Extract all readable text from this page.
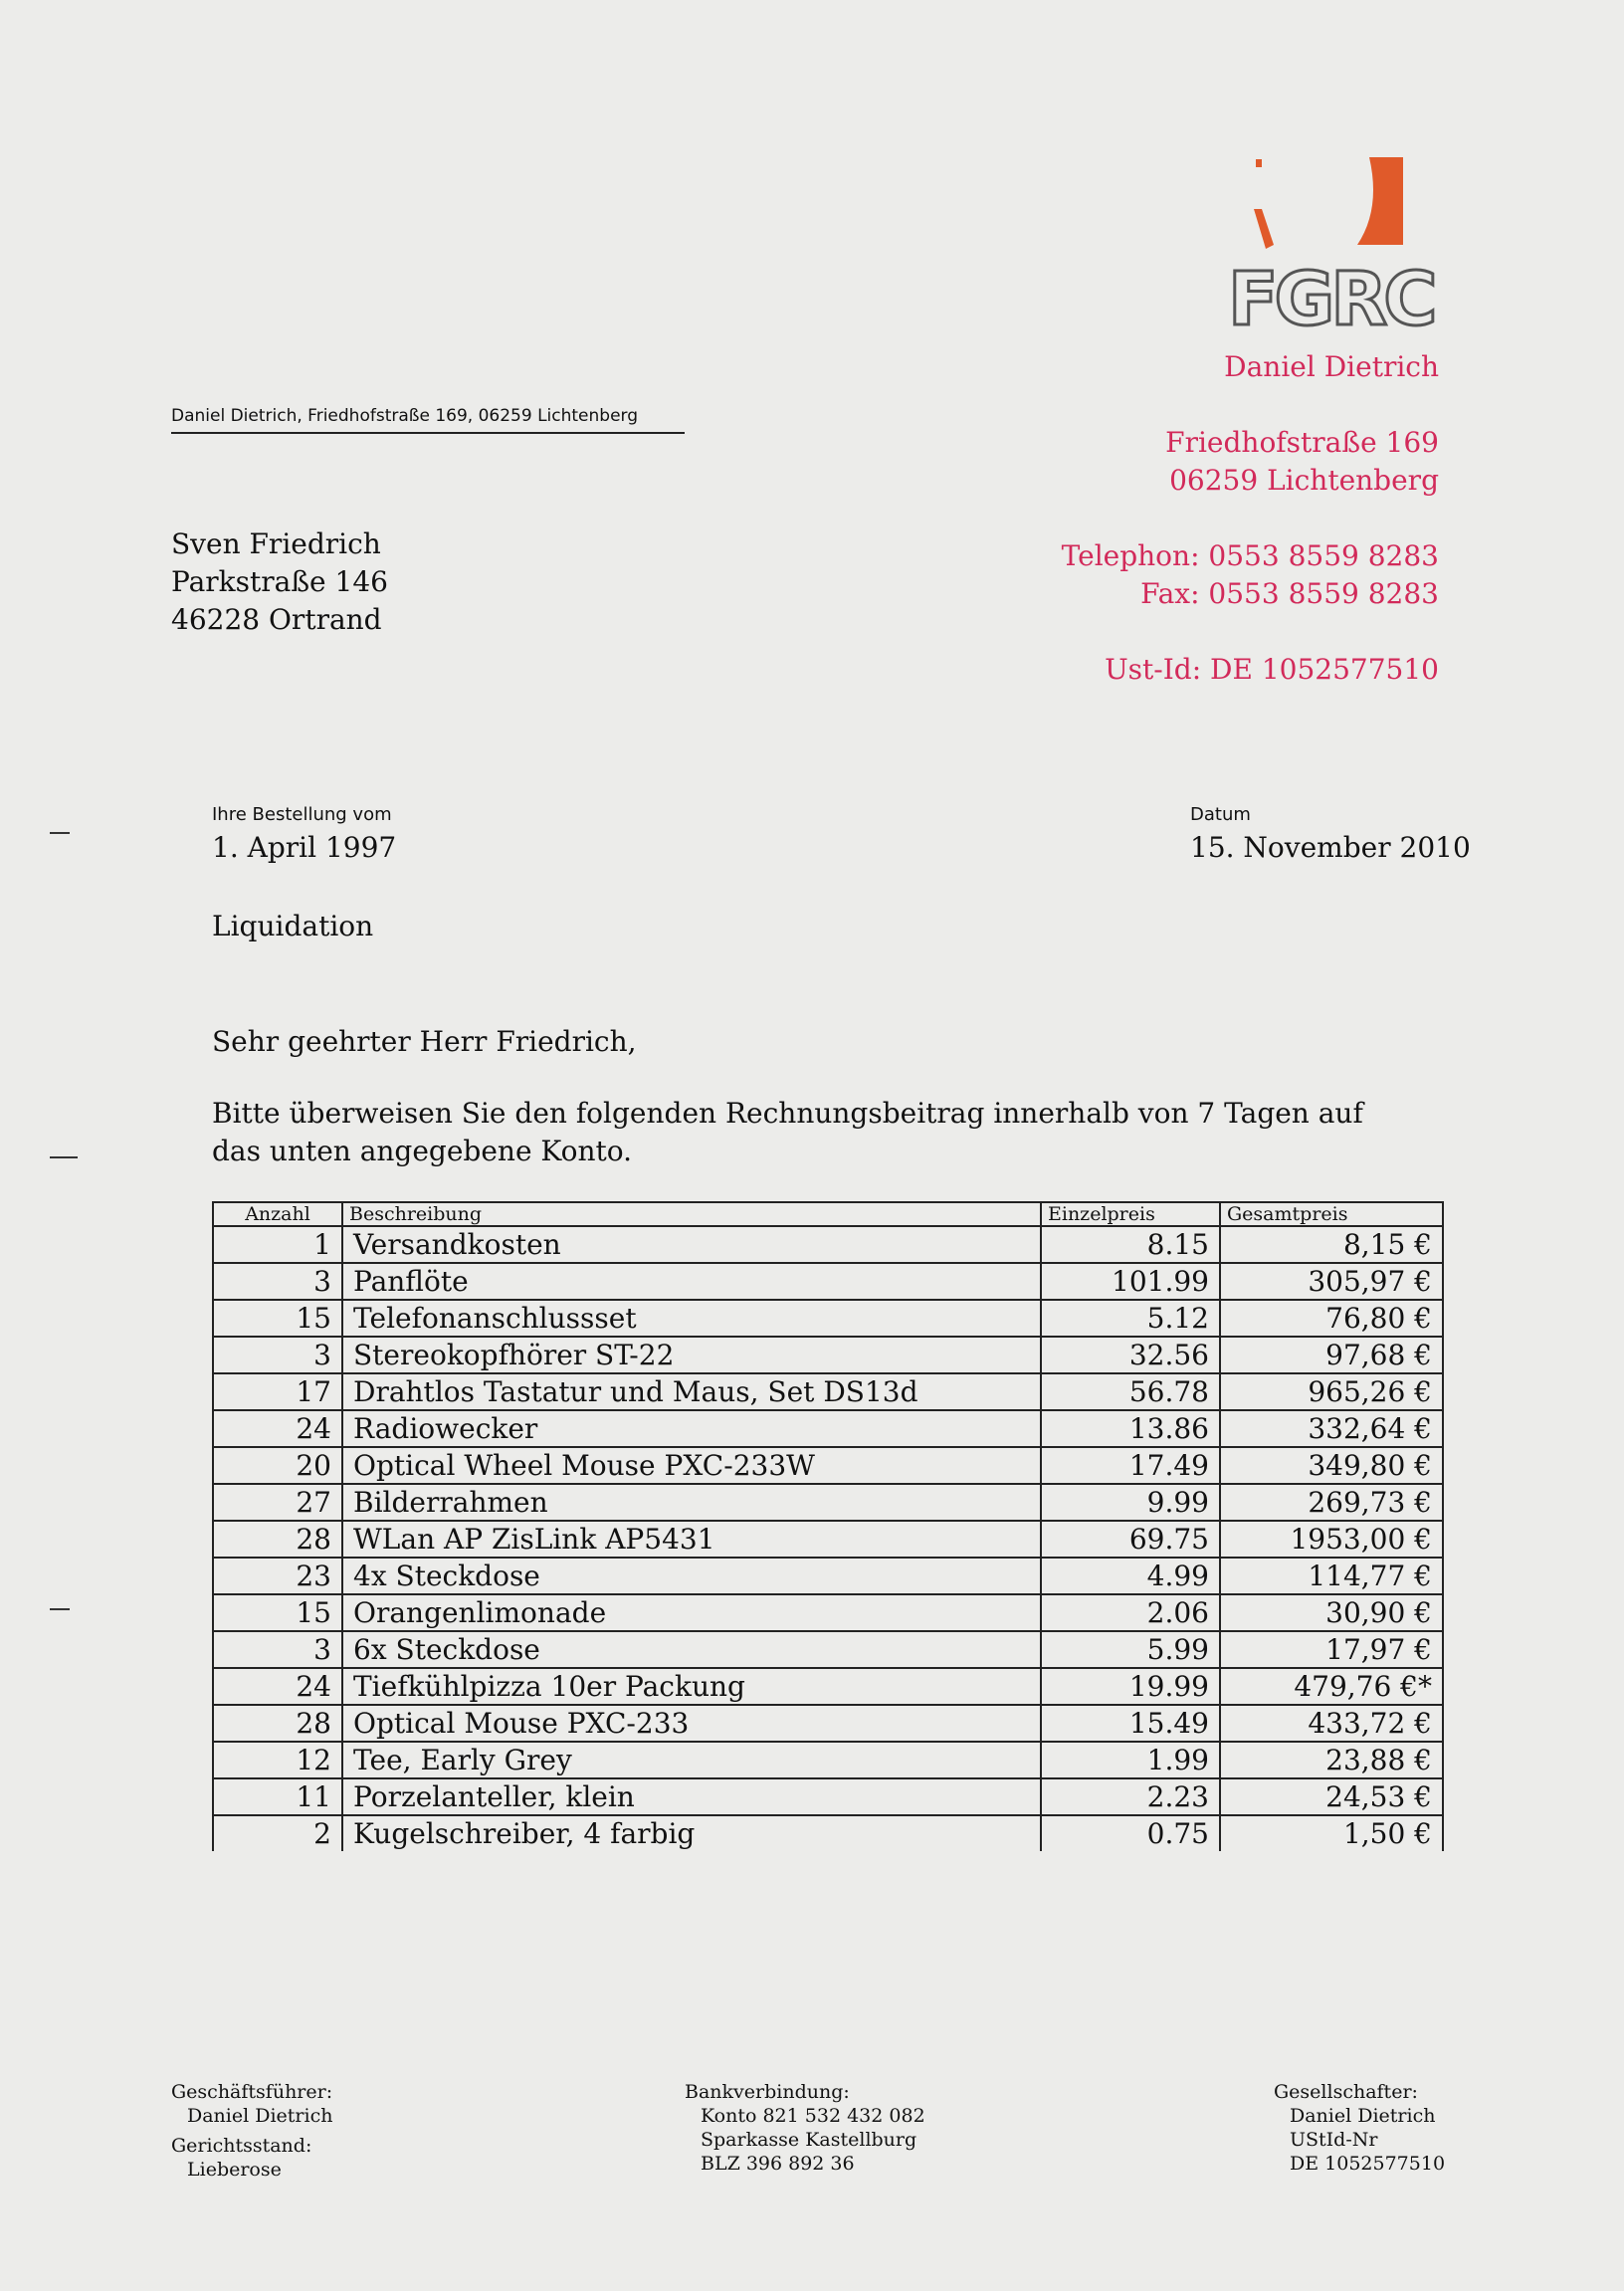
FGRC
Daniel Dietrich, Friedhofstraße 169, 06259 Lichtenberg
Sven Friedrich
Parkstraße 146
46228 Ortrand
Daniel Dietrich
Friedhofstraße 169
06259 Lichtenberg
Telephon: 0553 8559 8283
Fax: 0553 8559 8283
Ust-Id: DE 1052577510
Ihre Bestellung vom
1. April 1997
Datum
15. November 2010
Liquidation
Sehr geehrter Herr Friedrich,
Bitte überweisen Sie den folgenden Rechnungsbeitrag innerhalb von 7 Tagen auf das unten angegebene Konto.
Anzahl	Beschreibung	Einzelpreis	Gesamtpreis
1	Versandkosten	8.15	8,15 €
3	Panflöte	101.99	305,97 €
15	Telefonanschlussset	5.12	76,80 €
3	Stereokopfhörer ST-22	32.56	97,68 €
17	Drahtlos Tastatur und Maus, Set DS13d	56.78	965,26 €
24	Radiowecker	13.86	332,64 €
20	Optical Wheel Mouse PXC-233W	17.49	349,80 €
27	Bilderrahmen	9.99	269,73 €
28	WLan AP ZisLink AP5431	69.75	1953,00 €
23	4x Steckdose	4.99	114,77 €
15	Orangenlimonade	2.06	30,90 €
3	6x Steckdose	5.99	17,97 €
24	Tiefkühlpizza 10er Packung	19.99	479,76 €*
28	Optical Mouse PXC-233	15.49	433,72 €
12	Tee, Early Grey	1.99	23,88 €
11	Porzelanteller, klein	2.23	24,53 €
2	Kugelschreiber, 4 farbig	0.75	1,50 €
Geschäftsführer:
Daniel Dietrich
Gerichtsstand:
Lieberose
Bankverbindung:
Konto 821 532 432 082
Sparkasse Kastellburg
BLZ 396 892 36
Gesellschafter:
Daniel Dietrich
UStId-Nr
DE 1052577510
